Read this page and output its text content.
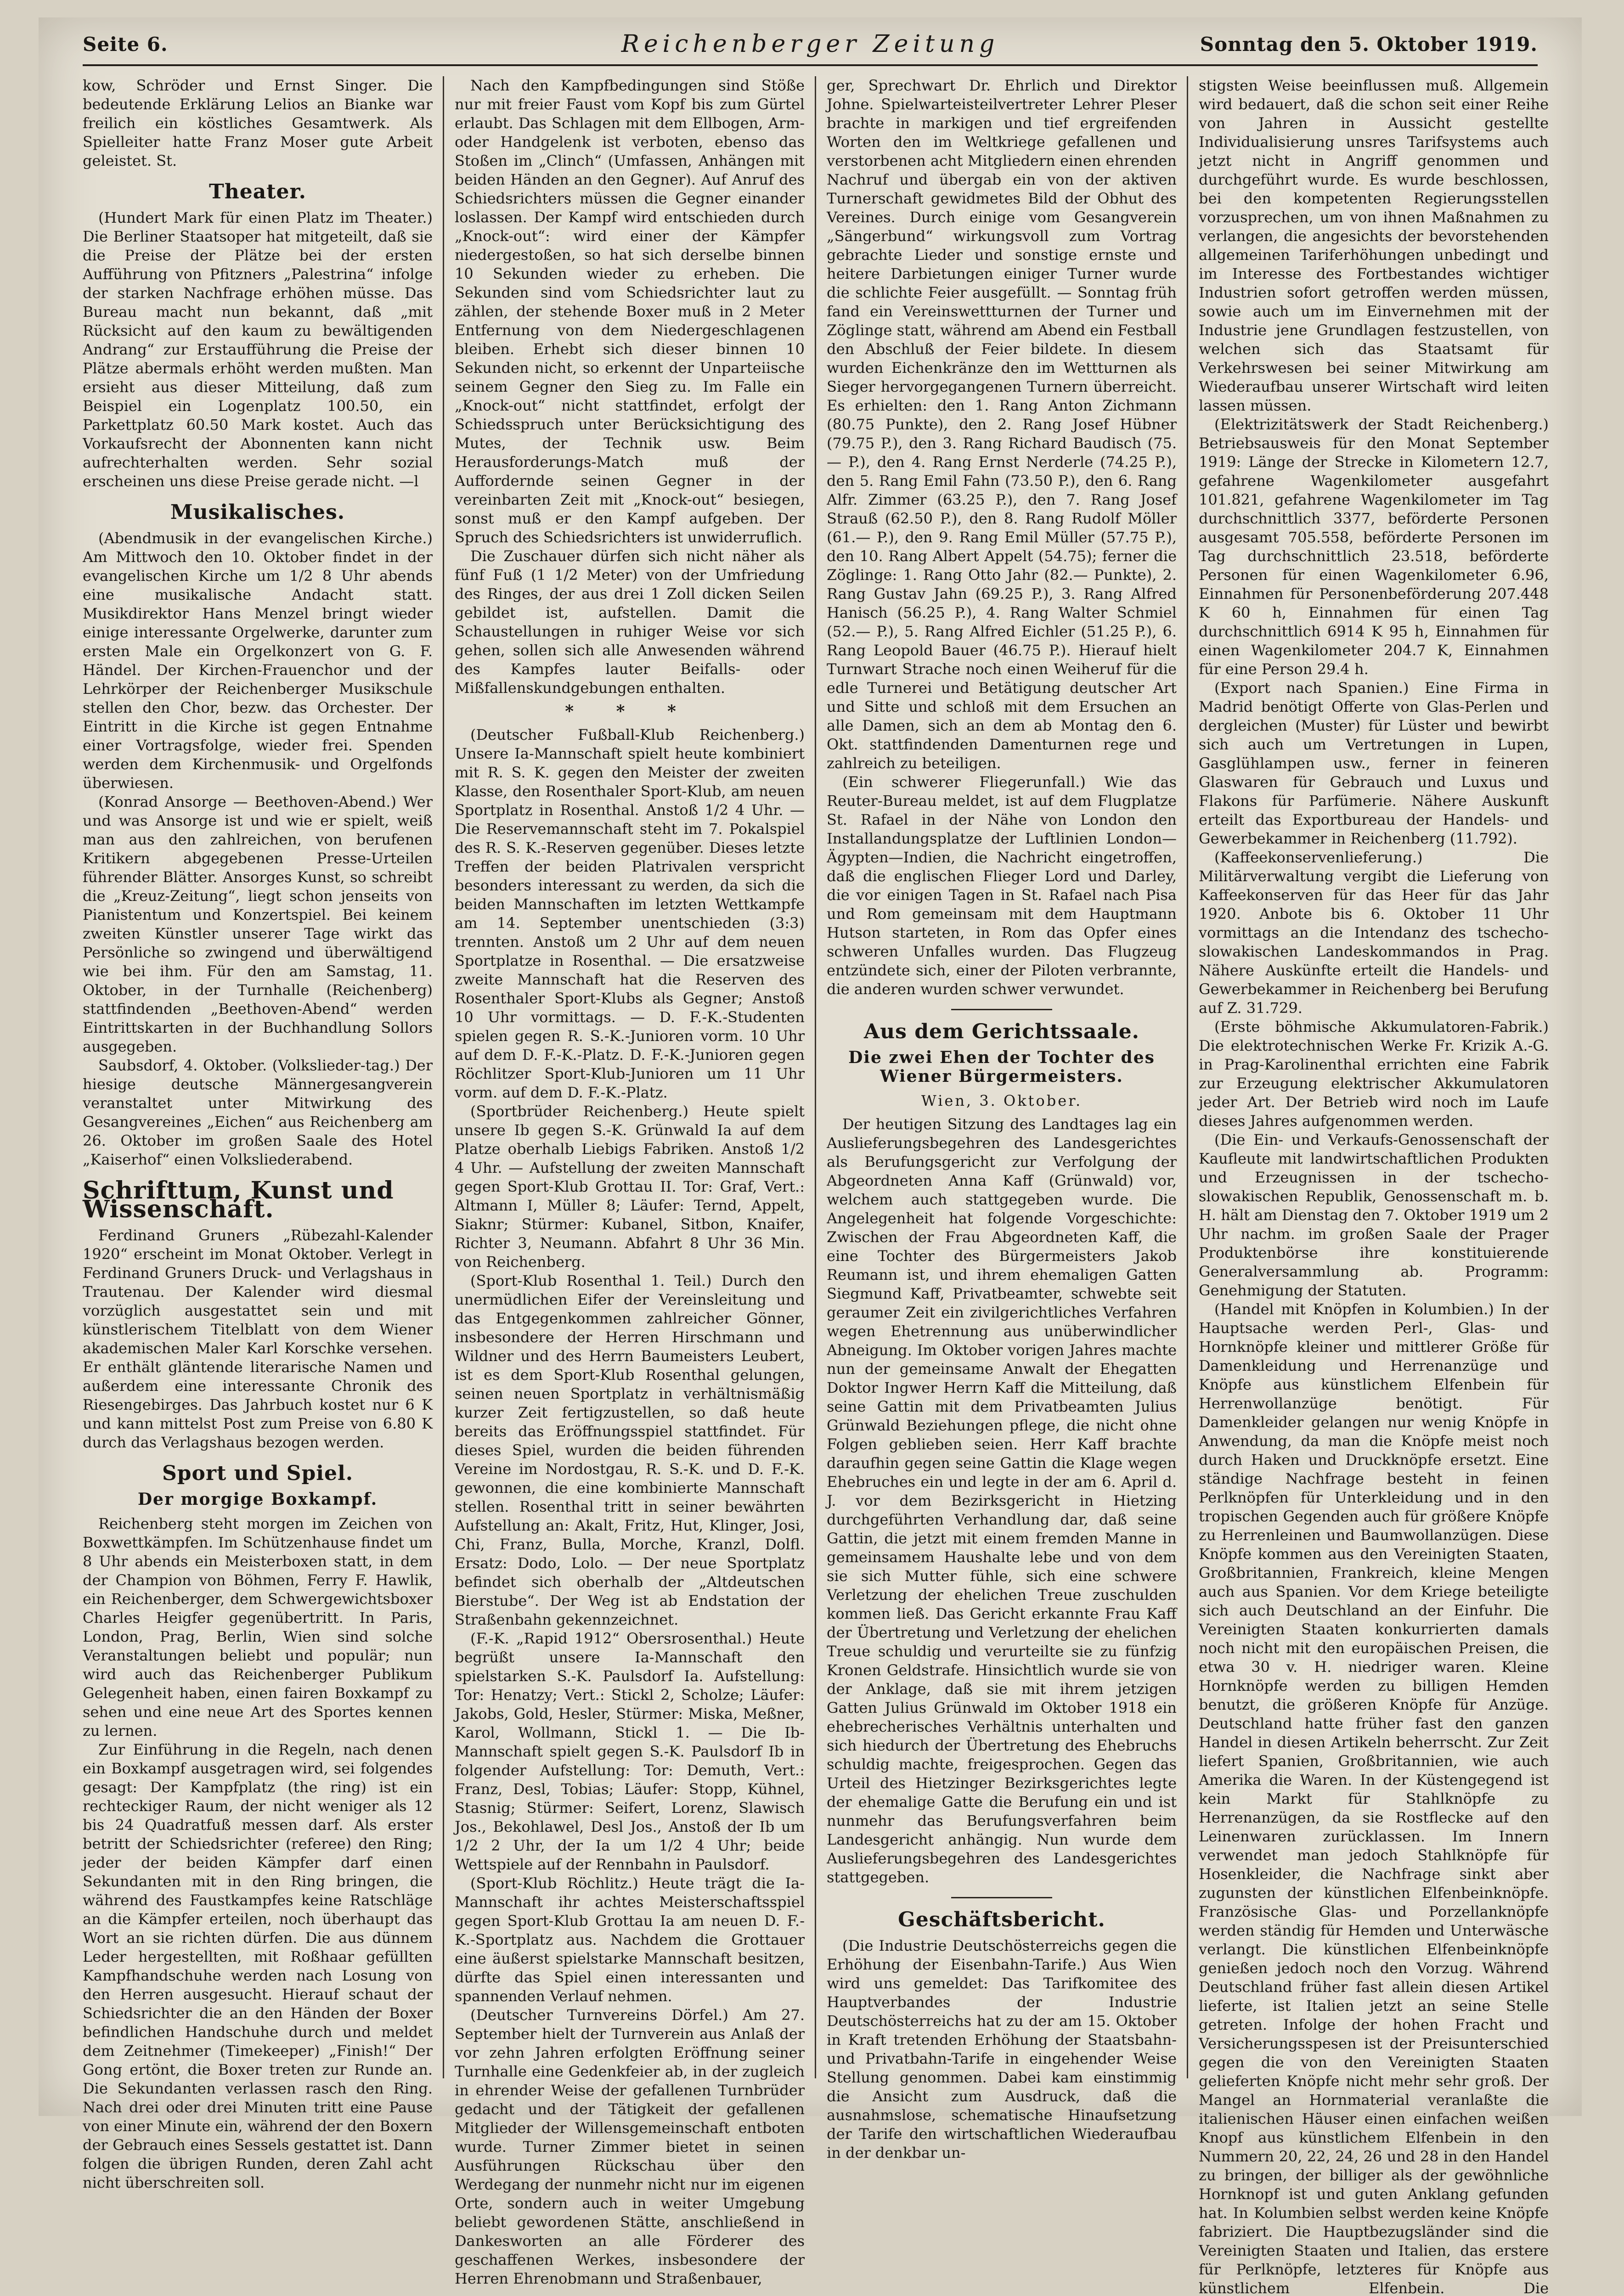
Seite 6.	Reichenberger Zeitung	Sonntag den 5. Oktober 1919.

kow, Schröder und Ernst Singer. Die bedeutende Erklärung Lelios an Bianke war freilich ein köstliches Gesamtwerk. Als Spielleiter hatte Franz Moser gute Arbeit geleistet. St.

Theater.

(Hundert Mark für einen Platz im Theater.) Die Berliner Staatsoper hat mitgeteilt, daß sie die Preise der Plätze bei der ersten Aufführung von Pfitzners „Palestrina“ infolge der starken Nachfrage erhöhen müsse. Das Bureau macht nun bekannt, daß „mit Rücksicht auf den kaum zu bewältigenden Andrang“ zur Erstaufführung die Preise der Plätze abermals erhöht werden mußten. Man ersieht aus dieser Mitteilung, daß zum Beispiel ein Logenplatz 100.50, ein Parkettplatz 60.50 Mark kostet. Auch das Vorkaufsrecht der Abonnenten kann nicht aufrechterhalten werden. Sehr sozial erscheinen uns diese Preise gerade nicht. —l

Musikalisches.

(Abendmusik in der evangelischen Kirche.) Am Mittwoch den 10. Oktober findet in der evangelischen Kirche um 1/2 8 Uhr abends eine musikalische Andacht statt. Musikdirektor Hans Menzel bringt wieder einige interessante Orgelwerke, darunter zum ersten Male ein Orgelkonzert von G. F. Händel. Der Kirchen-Frauenchor und der Lehrkörper der Reichenberger Musikschule stellen den Chor, bezw. das Orchester. Der Eintritt in die Kirche ist gegen Entnahme einer Vortragsfolge, wieder frei. Spenden werden dem Kirchenmusik- und Orgelfonds überwiesen.

(Konrad Ansorge — Beethoven-Abend.) Wer und was Ansorge ist und wie er spielt, weiß man aus den zahlreichen, von berufenen Kritikern abgegebenen Presse-Urteilen führender Blätter. Ansorges Kunst, so schreibt die „Kreuz-Zeitung“, liegt schon jenseits von Pianistentum und Konzertspiel. Bei keinem zweiten Künstler unserer Tage wirkt das Persönliche so zwingend und überwältigend wie bei ihm. Für den am Samstag, 11. Oktober, in der Turnhalle (Reichenberg) stattfindenden „Beethoven-Abend“ werden Eintrittskarten in der Buchhandlung Sollors ausgegeben.

Saubsdorf, 4. Oktober. (Volkslieder-tag.) Der hiesige deutsche Männergesangverein veranstaltet unter Mitwirkung des Gesangvereines „Eichen“ aus Reichenberg am 26. Oktober im großen Saale des Hotel „Kaiserhof“ einen Volksliederabend.

Schrifttum, Kunst und Wissenschaft.

Ferdinand Gruners „Rübezahl-Kalender 1920“ erscheint im Monat Oktober. Verlegt in Ferdinand Gruners Druck- und Verlagshaus in Trautenau. Der Kalender wird diesmal vorzüglich ausgestattet sein und mit künstlerischem Titelblatt von dem Wiener akademischen Maler Karl Korschke versehen. Er enthält gläntende literarische Namen und außerdem eine interessante Chronik des Riesengebirges. Das Jahrbuch kostet nur 6 K und kann mittelst Post zum Preise von 6.80 K durch das Verlagshaus bezogen werden.

Sport und Spiel.
Der morgige Boxkampf.

Reichenberg steht morgen im Zeichen von Boxwettkämpfen. Im Schützenhause findet um 8 Uhr abends ein Meisterboxen statt, in dem der Champion von Böhmen, Ferry F. Hawlik, ein Reichenberger, dem Schwergewichtsboxer Charles Heigfer gegenübertritt. In Paris, London, Prag, Berlin, Wien sind solche Veranstaltungen beliebt und populär; nun wird auch das Reichenberger Publikum Gelegenheit haben, einen fairen Boxkampf zu sehen und eine neue Art des Sportes kennen zu lernen.

Zur Einführung in die Regeln, nach denen ein Boxkampf ausgetragen wird, sei folgendes gesagt: Der Kampfplatz (the ring) ist ein rechteckiger Raum, der nicht weniger als 12 bis 24 Quadratfuß messen darf. Als erster betritt der Schiedsrichter (referee) den Ring; jeder der beiden Kämpfer darf einen Sekundanten mit in den Ring bringen, die während des Faustkampfes keine Ratschläge an die Kämpfer erteilen, noch überhaupt das Wort an sie richten dürfen. Die aus dünnem Leder hergestellten, mit Roßhaar gefüllten Kampfhandschuhe werden nach Losung von den Herren ausgesucht. Hierauf schaut der Schiedsrichter die an den Händen der Boxer befindlichen Handschuhe durch und meldet dem Zeitnehmer (Timekeeper) „Finish!“ Der Gong ertönt, die Boxer treten zur Runde an. Die Sekundanten verlassen rasch den Ring. Nach drei oder drei Minuten tritt eine Pause von einer Minute ein, während der den Boxern der Gebrauch eines Sessels gestattet ist. Dann folgen die übrigen Runden, deren Zahl acht nicht überschreiten soll.

Nach den Kampfbedingungen sind Stöße nur mit freier Faust vom Kopf bis zum Gürtel erlaubt. Das Schlagen mit dem Ellbogen, Arm- oder Handgelenk ist verboten, ebenso das Stoßen im „Clinch“ (Umfassen, Anhängen mit beiden Händen an den Gegner). Auf Anruf des Schiedsrichters müssen die Gegner einander loslassen. Der Kampf wird entschieden durch „Knock-out“: wird einer der Kämpfer niedergestoßen, so hat sich derselbe binnen 10 Sekunden wieder zu erheben. Die Sekunden sind vom Schiedsrichter laut zu zählen, der stehende Boxer muß in 2 Meter Entfernung von dem Niedergeschlagenen bleiben. Erhebt sich dieser binnen 10 Sekunden nicht, so erkennt der Unparteiische seinem Gegner den Sieg zu. Im Falle ein „Knock-out“ nicht stattfindet, erfolgt der Schiedsspruch unter Berücksichtigung des Mutes, der Technik usw. Beim Herausforderungs-Match muß der Auffordernde seinen Gegner in der vereinbarten Zeit mit „Knock-out“ besiegen, sonst muß er den Kampf aufgeben. Der Spruch des Schiedsrichters ist unwiderruflich.

Die Zuschauer dürfen sich nicht näher als fünf Fuß (1 1/2 Meter) von der Umfriedung des Ringes, der aus drei 1 Zoll dicken Seilen gebildet ist, aufstellen. Damit die Schaustellungen in ruhiger Weise vor sich gehen, sollen sich alle Anwesenden während des Kampfes lauter Beifalls- oder Mißfallenskundgebungen enthalten.

* * *

(Deutscher Fußball-Klub Reichenberg.) Unsere Ia-Mannschaft spielt heute kombiniert mit R. S. K. gegen den Meister der zweiten Klasse, den Rosenthaler Sport-Klub, am neuen Sportplatz in Rosenthal. Anstoß 1/2 4 Uhr. — Die Reservemannschaft steht im 7. Pokalspiel des R. S. K.-Reserven gegenüber. Dieses letzte Treffen der beiden Platrivalen verspricht besonders interessant zu werden, da sich die beiden Mannschaften im letzten Wettkampfe am 14. September unentschieden (3:3) trennten. Anstoß um 2 Uhr auf dem neuen Sportplatze in Rosenthal. — Die ersatzweise zweite Mannschaft hat die Reserven des Rosenthaler Sport-Klubs als Gegner; Anstoß 10 Uhr vormittags. — D. F.-K.-Studenten spielen gegen R. S.-K.-Junioren vorm. 10 Uhr auf dem D. F.-K.-Platz. D. F.-K.-Junioren gegen Röchlitzer Sport-Klub-Junioren um 11 Uhr vorm. auf dem D. F.-K.-Platz.

(Sportbrüder Reichenberg.) Heute spielt unsere Ib gegen S.-K. Grünwald Ia auf dem Platze oberhalb Liebigs Fabriken. Anstoß 1/2 4 Uhr. — Aufstellung der zweiten Mannschaft gegen Sport-Klub Grottau II. Tor: Graf, Vert.: Altmann I, Müller 8; Läufer: Ternd, Appelt, Siaknr; Stürmer: Kubanel, Sitbon, Knaifer, Richter 3, Neumann. Abfahrt 8 Uhr 36 Min. von Reichenberg.

(Sport-Klub Rosenthal 1. Teil.) Durch den unermüdlichen Eifer der Vereinsleitung und das Entgegenkommen zahlreicher Gönner, insbesondere der Herren Hirschmann und Wildner und des Herrn Baumeisters Leubert, ist es dem Sport-Klub Rosenthal gelungen, seinen neuen Sportplatz in verhältnismäßig kurzer Zeit fertigzustellen, so daß heute bereits das Eröffnungsspiel stattfindet. Für dieses Spiel, wurden die beiden führenden Vereine im Nordostgau, R. S.-K. und D. F.-K. gewonnen, die eine kombinierte Mannschaft stellen. Rosenthal tritt in seiner bewährten Aufstellung an: Akalt, Fritz, Hut, Klinger, Josi, Chi, Franz, Bulla, Morche, Kranzl, Dolfl. Ersatz: Dodo, Lolo. — Der neue Sportplatz befindet sich oberhalb der „Altdeutschen Bierstube“. Der Weg ist ab Endstation der Straßenbahn gekennzeichnet.

(F.-K. „Rapid 1912“ Obersrosenthal.) Heute begrüßt unsere Ia-Mannschaft den spielstarken S.-K. Paulsdorf Ia. Aufstellung: Tor: Henatzy; Vert.: Stickl 2, Scholze; Läufer: Jakobs, Gold, Hesler, Stürmer: Miska, Meßner, Karol, Wollmann, Stickl 1. — Die Ib-Mannschaft spielt gegen S.-K. Paulsdorf Ib in folgender Aufstellung: Tor: Demuth, Vert.: Franz, Desl, Tobias; Läufer: Stopp, Kühnel, Stasnig; Stürmer: Seifert, Lorenz, Slawisch Jos., Bekohlawel, Desl Jos., Anstoß der Ib um 1/2 2 Uhr, der Ia um 1/2 4 Uhr; beide Wettspiele auf der Rennbahn in Paulsdorf.

(Sport-Klub Röchlitz.) Heute trägt die Ia-Mannschaft ihr achtes Meisterschaftsspiel gegen Sport-Klub Grottau Ia am neuen D. F.-K.-Sportplatz aus. Nachdem die Grottauer eine äußerst spielstarke Mannschaft besitzen, dürfte das Spiel einen interessanten und spannenden Verlauf nehmen.

(Deutscher Turnvereins Dörfel.) Am 27. September hielt der Turnverein aus Anlaß der vor zehn Jahren erfolgten Eröffnung seiner Turnhalle eine Gedenkfeier ab, in der zugleich in ehrender Weise der gefallenen Turnbrüder gedacht und der Tätigkeit der gefallenen Mitglieder der Willensgemeinschaft entboten wurde. Turner Zimmer bietet in seinen Ausführungen Rückschau über den Werdegang der nunmehr nicht nur im eigenen Orte, sondern auch in weiter Umgebung beliebt gewordenen Stätte, anschließend in Dankesworten an alle Förderer des geschaffenen Werkes, insbesondere der Herren Ehrenobmann und Straßenbauer,

ger, Sprechwart Dr. Ehrlich und Direktor Johne. Spielwarteisteilvertreter Lehrer Pleser brachte in markigen und tief ergreifenden Worten den im Weltkriege gefallenen und verstorbenen acht Mitgliedern einen ehrenden Nachruf und übergab ein von der aktiven Turnerschaft gewidmetes Bild der Obhut des Vereines. Durch einige vom Gesangverein „Sängerbund“ wirkungsvoll zum Vortrag gebrachte Lieder und sonstige ernste und heitere Darbietungen einiger Turner wurde die schlichte Feier ausgefüllt. — Sonntag früh fand ein Vereinswettturnen der Turner und Zöglinge statt, während am Abend ein Festball den Abschluß der Feier bildete. In diesem wurden Eichenkränze den im Wettturnen als Sieger hervorgegangenen Turnern überreicht. Es erhielten: den 1. Rang Anton Zichmann (80.75 Punkte), den 2. Rang Josef Hübner (79.75 P.), den 3. Rang Richard Baudisch (75.— P.), den 4. Rang Ernst Nerderle (74.25 P.), den 5. Rang Emil Fahn (73.50 P.), den 6. Rang Alfr. Zimmer (63.25 P.), den 7. Rang Josef Strauß (62.50 P.), den 8. Rang Rudolf Möller (61.— P.), den 9. Rang Emil Müller (57.75 P.), den 10. Rang Albert Appelt (54.75); ferner die Zöglinge: 1. Rang Otto Jahr (82.— Punkte), 2. Rang Gustav Jahn (69.25 P.), 3. Rang Alfred Hanisch (56.25 P.), 4. Rang Walter Schmiel (52.— P.), 5. Rang Alfred Eichler (51.25 P.), 6. Rang Leopold Bauer (46.75 P.). Hierauf hielt Turnwart Strache noch einen Weiheruf für die edle Turnerei und Betätigung deutscher Art und Sitte und schloß mit dem Ersuchen an alle Damen, sich an dem ab Montag den 6. Okt. stattfindenden Damenturnen rege und zahlreich zu beteiligen.

(Ein schwerer Fliegerunfall.) Wie das Reuter-Bureau meldet, ist auf dem Flugplatze St. Rafael in der Nähe von London den Installandungsplatze der Luftlinien London—Ägypten—Indien, die Nachricht eingetroffen, daß die englischen Flieger Lord und Darley, die vor einigen Tagen in St. Rafael nach Pisa und Rom gemeinsam mit dem Hauptmann Hutson starteten, in Rom das Opfer eines schweren Unfalles wurden. Das Flugzeug entzündete sich, einer der Piloten verbrannte, die anderen wurden schwer verwundet.

Aus dem Gerichtssaale.
Die zwei Ehen der Tochter des Wiener Bürgermeisters.
Wien, 3. Oktober.

Der heutigen Sitzung des Landtages lag ein Auslieferungsbegehren des Landesgerichtes als Berufungsgericht zur Verfolgung der Abgeordneten Anna Kaff (Grünwald) vor, welchem auch stattgegeben wurde. Die Angelegenheit hat folgende Vorgeschichte: Zwischen der Frau Abgeordneten Kaff, die eine Tochter des Bürgermeisters Jakob Reumann ist, und ihrem ehemaligen Gatten Siegmund Kaff, Privatbeamter, schwebte seit geraumer Zeit ein zivilgerichtliches Verfahren wegen Ehetrennung aus unüberwindlicher Abneigung. Im Oktober vorigen Jahres machte nun der gemeinsame Anwalt der Ehegatten Doktor Ingwer Herrn Kaff die Mitteilung, daß seine Gattin mit dem Privatbeamten Julius Grünwald Beziehungen pflege, die nicht ohne Folgen geblieben seien. Herr Kaff brachte daraufhin gegen seine Gattin die Klage wegen Ehebruches ein und legte in der am 6. April d. J. vor dem Bezirksgericht in Hietzing durchgeführten Verhandlung dar, daß seine Gattin, die jetzt mit einem fremden Manne in gemeinsamem Haushalte lebe und von dem sie sich Mutter fühle, sich eine schwere Verletzung der ehelichen Treue zuschulden kommen ließ. Das Gericht erkannte Frau Kaff der Übertretung und Verletzung der ehelichen Treue schuldig und verurteilte sie zu fünfzig Kronen Geldstrafe. Hinsichtlich wurde sie von der Anklage, daß sie mit ihrem jetzigen Gatten Julius Grünwald im Oktober 1918 ein ehebrecherisches Verhältnis unterhalten und sich hiedurch der Übertretung des Ehebruchs schuldig machte, freigesprochen. Gegen das Urteil des Hietzinger Bezirksgerichtes legte der ehemalige Gatte die Berufung ein und ist nunmehr das Berufungsverfahren beim Landesgericht anhängig. Nun wurde dem Auslieferungsbegehren des Landesgerichtes stattgegeben.

Geschäftsbericht.

(Die Industrie Deutschösterreichs gegen die Erhöhung der Eisenbahn-Tarife.) Aus Wien wird uns gemeldet: Das Tarifkomitee des Hauptverbandes der Industrie Deutschösterreichs hat zu der am 15. Oktober in Kraft tretenden Erhöhung der Staatsbahn- und Privatbahn-Tarife in eingehender Weise Stellung genommen. Dabei kam einstimmig die Ansicht zum Ausdruck, daß die ausnahmslose, schematische Hinaufsetzung der Tarife den wirtschaftlichen Wiederaufbau in der denkbar un-

stigsten Weise beeinflussen muß. Allgemein wird bedauert, daß die schon seit einer Reihe von Jahren in Aussicht gestellte Individualisierung unsres Tarifsystems auch jetzt nicht in Angriff genommen und durchgeführt wurde. Es wurde beschlossen, bei den kompetenten Regierungsstellen vorzusprechen, um von ihnen Maßnahmen zu verlangen, die angesichts der bevorstehenden allgemeinen Tariferhöhungen unbedingt und im Interesse des Fortbestandes wichtiger Industrien sofort getroffen werden müssen, sowie auch um im Einvernehmen mit der Industrie jene Grundlagen festzustellen, von welchen sich das Staatsamt für Verkehrswesen bei seiner Mitwirkung am Wiederaufbau unserer Wirtschaft wird leiten lassen müssen.

(Elektrizitätswerk der Stadt Reichenberg.) Betriebsausweis für den Monat September 1919: Länge der Strecke in Kilometern 12.7, gefahrene Wagenkilometer ausgefahrt 101.821, gefahrene Wagenkilometer im Tag durchschnittlich 3377, beförderte Personen ausgesamt 705.558, beförderte Personen im Tag durchschnittlich 23.518, beförderte Personen für einen Wagenkilometer 6.96, Einnahmen für Personenbeförderung 207.448 K 60 h, Einnahmen für einen Tag durchschnittlich 6914 K 95 h, Einnahmen für einen Wagenkilometer 204.7 K, Einnahmen für eine Person 29.4 h.

(Export nach Spanien.) Eine Firma in Madrid benötigt Offerte von Glas-Perlen und dergleichen (Muster) für Lüster und bewirbt sich auch um Vertretungen in Lupen, Gasglühlampen usw., ferner in feineren Glaswaren für Gebrauch und Luxus und Flakons für Parfümerie. Nähere Auskunft erteilt das Exportbureau der Handels- und Gewerbekammer in Reichenberg (11.792).

(Kaffeekonservenlieferung.) Die Militärverwaltung vergibt die Lieferung von Kaffeekonserven für das Heer für das Jahr 1920. Anbote bis 6. Oktober 11 Uhr vormittags an die Intendanz des tschecho-slowakischen Landeskommandos in Prag. Nähere Auskünfte erteilt die Handels- und Gewerbekammer in Reichenberg bei Berufung auf Z. 31.729.

(Erste böhmische Akkumulatoren-Fabrik.) Die elektrotechnischen Werke Fr. Krizik A.-G. in Prag-Karolinenthal errichten eine Fabrik zur Erzeugung elektrischer Akkumulatoren jeder Art. Der Betrieb wird noch im Laufe dieses Jahres aufgenommen werden.

(Die Ein- und Verkaufs-Genossenschaft der Kaufleute mit landwirtschaftlichen Produkten und Erzeugnissen in der tschecho-slowakischen Republik, Genossenschaft m. b. H. hält am Dienstag den 7. Oktober 1919 um 2 Uhr nachm. im großen Saale der Prager Produktenbörse ihre konstituierende Generalversammlung ab. Programm: Genehmigung der Statuten.

(Handel mit Knöpfen in Kolumbien.) In der Hauptsache werden Perl-, Glas- und Hornknöpfe kleiner und mittlerer Größe für Damenkleidung und Herrenanzüge und Knöpfe aus künstlichem Elfenbein für Herrenwollanzüge benötigt. Für Damenkleider gelangen nur wenig Knöpfe in Anwendung, da man die Knöpfe meist noch durch Haken und Druckknöpfe ersetzt. Eine ständige Nachfrage besteht in feinen Perlknöpfen für Unterkleidung und in den tropischen Gegenden auch für größere Knöpfe zu Herrenleinen und Baumwollanzügen. Diese Knöpfe kommen aus den Vereinigten Staaten, Großbritannien, Frankreich, kleine Mengen auch aus Spanien. Vor dem Kriege beteiligte sich auch Deutschland an der Einfuhr. Die Vereinigten Staaten konkurrierten damals noch nicht mit den europäischen Preisen, die etwa 30 v. H. niedriger waren. Kleine Hornknöpfe werden zu billigen Hemden benutzt, die größeren Knöpfe für Anzüge. Deutschland hatte früher fast den ganzen Handel in diesen Artikeln beherrscht. Zur Zeit liefert Spanien, Großbritannien, wie auch Amerika die Waren. In der Küstengegend ist kein Markt für Stahlknöpfe zu Herrenanzügen, da sie Rostflecke auf den Leinenwaren zurücklassen. Im Innern verwendet man jedoch Stahlknöpfe für Hosenkleider, die Nachfrage sinkt aber zugunsten der künstlichen Elfenbeinknöpfe. Französische Glas- und Porzellanknöpfe werden ständig für Hemden und Unterwäsche verlangt. Die künstlichen Elfenbeinknöpfe genießen jedoch noch den Vorzug. Während Deutschland früher fast allein diesen Artikel lieferte, ist Italien jetzt an seine Stelle getreten. Infolge der hohen Fracht und Versicherungsspesen ist der Preisunterschied gegen die von den Vereinigten Staaten gelieferten Knöpfe nicht mehr sehr groß. Der Mangel an Hornmaterial veranlaßte die italienischen Häuser einen einfachen weißen Knopf aus künstlichem Elfenbein in den Nummern 20, 22, 24, 26 und 28 in den Handel zu bringen, der billiger als der gewöhnliche Hornknopf ist und guten Anklang gefunden hat. In Kolumbien selbst werden keine Knöpfe fabriziert. Die Hauptbezugsländer sind die Vereinigten Staaten und Italien, das erstere für Perlknöpfe, letzteres für Knöpfe aus künstlichem Elfenbein. Die
